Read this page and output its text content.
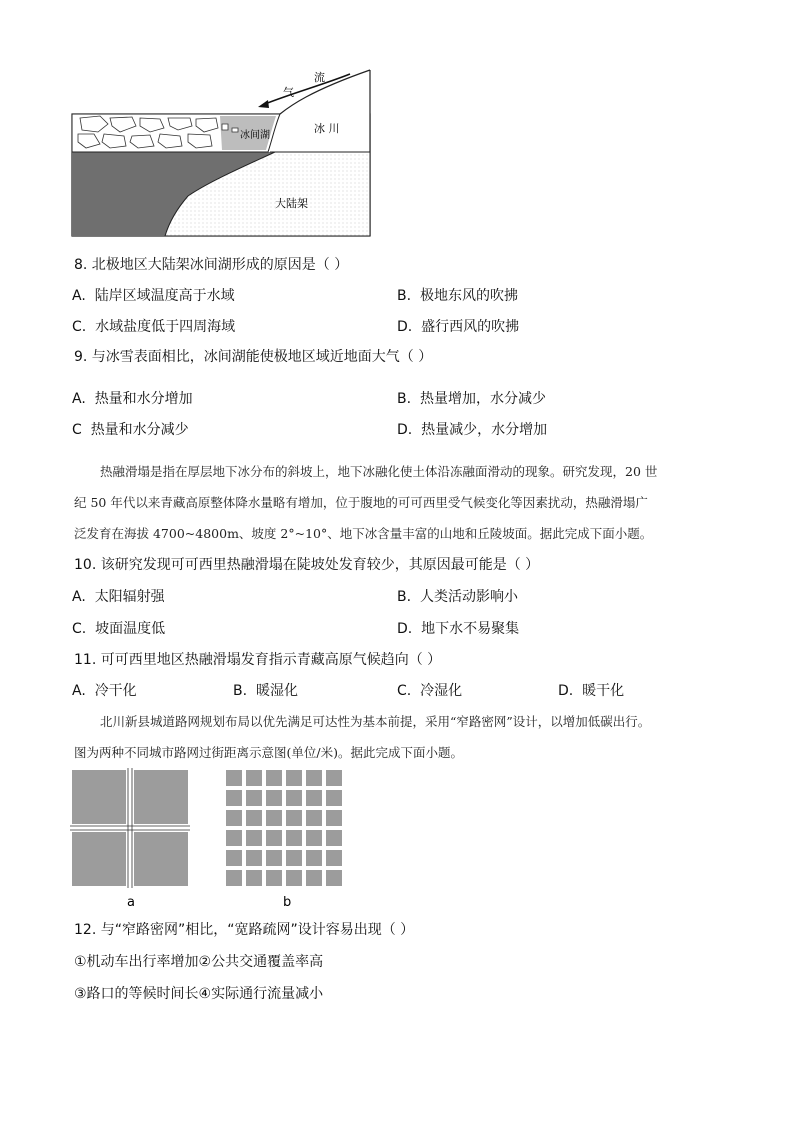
流
气
冰 川
冰间湖
大陆架
8. 北极地区大陆架冰间湖形成的原因是（ ）
A. 陆岸区域温度高于水域	B. 极地东风的吹拂
C. 水域盐度低于四周海域	D. 盛行西风的吹拂
9. 与冰雪表面相比，冰间湖能使极地区域近地面大气（ ）
A. 热量和水分增加	B. 热量增加，水分减少
C 热量和水分减少	D. 热量减少，水分增加
热融滑塌是指在厚层地下冰分布的斜坡上，地下冰融化使土体沿冻融面滑动的现象。研究发现，20 世
纪 50 年代以来青藏高原整体降水量略有增加，位于腹地的可可西里受气候变化等因素扰动，热融滑塌广
泛发育在海拔 4700~4800m、坡度 2°~10°、地下冰含量丰富的山地和丘陵坡面。据此完成下面小题。
10. 该研究发现可可西里热融滑塌在陡坡处发育较少，其原因最可能是（ ）
A. 太阳辐射强	B. 人类活动影响小
C. 坡面温度低	D. 地下水不易聚集
11. 可可西里地区热融滑塌发育指示青藏高原气候趋向（ ）
A. 冷干化	B. 暖湿化	C. 冷湿化	D. 暖干化
北川新县城道路网规划布局以优先满足可达性为基本前提，采用“窄路密网”设计，以增加低碳出行。
图为两种不同城市路网过街距离示意图(单位/米)。据此完成下面小题。
a	b
12. 与“窄路密网”相比，“宽路疏网”设计容易出现（ ）
①机动车出行率增加②公共交通覆盖率高
③路口的等候时间长④实际通行流量减小
